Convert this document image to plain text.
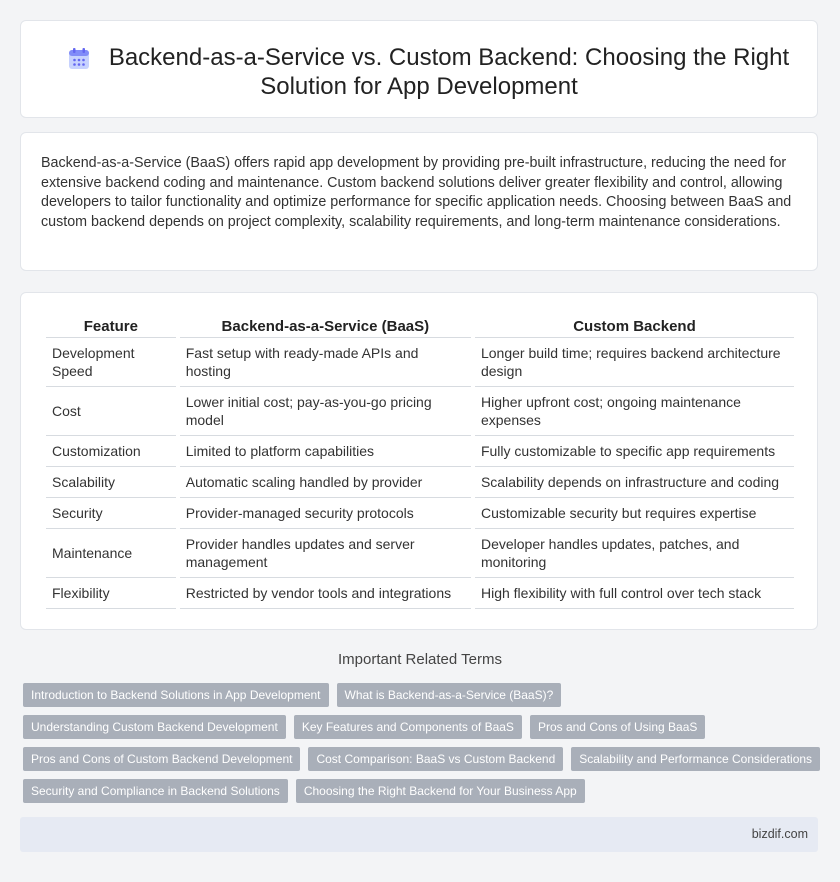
Backend-as-a-Service vs. Custom Backend: Choosing the Right
Solution for App Development

Backend-as-a-Service (BaaS) offers rapid app development by providing pre-built infrastructure, reducing the need for extensive backend coding and maintenance. Custom backend solutions deliver greater flexibility and control, allowing developers to tailor functionality and optimize performance for specific application needs. Choosing between BaaS and custom backend depends on project complexity, scalability requirements, and long-term maintenance considerations.

Feature	Backend-as-a-Service (BaaS)	Custom Backend
Development Speed	Fast setup with ready-made APIs and hosting	Longer build time; requires backend architecture design
Cost	Lower initial cost; pay-as-you-go pricing model	Higher upfront cost; ongoing maintenance expenses
Customization	Limited to platform capabilities	Fully customizable to specific app requirements
Scalability	Automatic scaling handled by provider	Scalability depends on infrastructure and coding
Security	Provider-managed security protocols	Customizable security but requires expertise
Maintenance	Provider handles updates and server management	Developer handles updates, patches, and monitoring
Flexibility	Restricted by vendor tools and integrations	High flexibility with full control over tech stack
Important Related Terms
Introduction to Backend Solutions in App Development	What is Backend-as-a-Service (BaaS)?
Understanding Custom Backend Development	Key Features and Components of BaaS	Pros and Cons of Using BaaS
Pros and Cons of Custom Backend Development	Cost Comparison: BaaS vs Custom Backend	Scalability and Performance Considerations
Security and Compliance in Backend Solutions	Choosing the Right Backend for Your Business App
bizdif.com
